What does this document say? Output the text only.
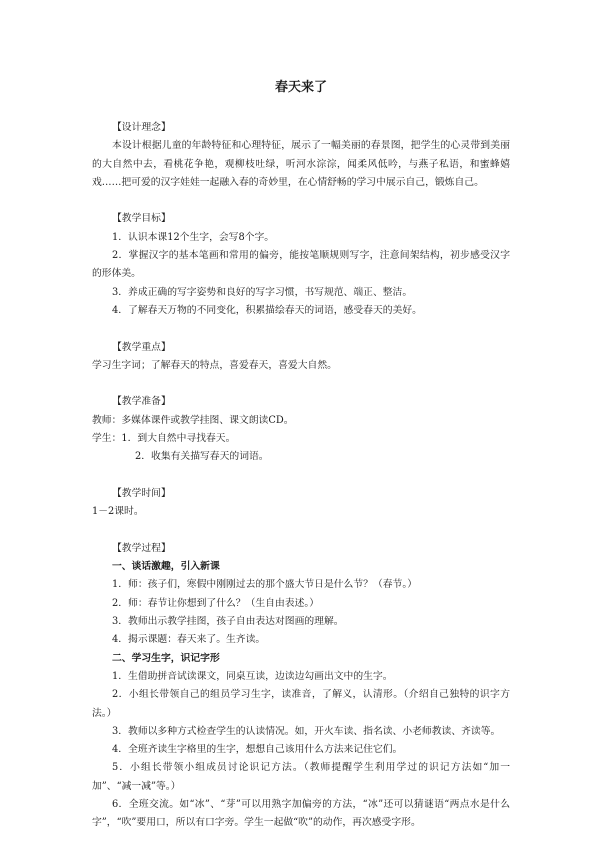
春天来了

【设计理念】

本设计根据儿童的年龄特征和心理特征，展示了一幅美丽的春景图，把学生的心灵带到美丽的大自然中去，看桃花争艳，观柳枝吐绿，听河水淙淙，闻柔风低吟，与燕子私语，和蜜蜂嬉戏……把可爱的汉字娃娃一起融入春的奇妙里，在心情舒畅的学习中展示自己，锻炼自己。

【教学目标】

1．认识本课12个生字，会写8个字。

2．掌握汉字的基本笔画和常用的偏旁，能按笔顺规则写字，注意间架结构，初步感受汉字的形体美。

3．养成正确的写字姿势和良好的写字习惯，书写规范、端正、整洁。

4．了解春天万物的不同变化，积累描绘春天的词语，感受春天的美好。

【教学重点】

学习生字词；了解春天的特点，喜爱春天，喜爱大自然。

【教学准备】

教师：多媒体课件或教学挂图、课文朗读CD。

学生：1．到大自然中寻找春天。

2．收集有关描写春天的词语。

【教学时间】

1－2课时。

【教学过程】

一、谈话激趣，引入新课

1．师：孩子们，寒假中刚刚过去的那个盛大节日是什么节？（春节。）

2．师：春节让你想到了什么？（生自由表述。）

3．教师出示教学挂图，孩子自由表达对图画的理解。

4．揭示课题：春天来了。生齐读。

二、学习生字，识记字形

1．生借助拼音试读课文，同桌互读，边读边勾画出文中的生字。

2．小组长带领自己的组员学习生字，读准音，了解义，认清形。（介绍自己独特的识字方法。）

3．教师以多种方式检查学生的认读情况。如，开火车读、指名读、小老师教读、齐读等。

4．全班齐读生字格里的生字，想想自己该用什么方法来记住它们。

5．小组长带领小组成员讨论识记方法。（教师提醒学生利用学过的识记方法如“加一加”、“减一减”等。）

6．全班交流。如“冰”、“芽”可以用熟字加偏旁的方法，“冰”还可以猜谜语“两点水是什么字”，“吹”要用口，所以有口字旁。学生一起做“吹”的动作，再次感受字形。
